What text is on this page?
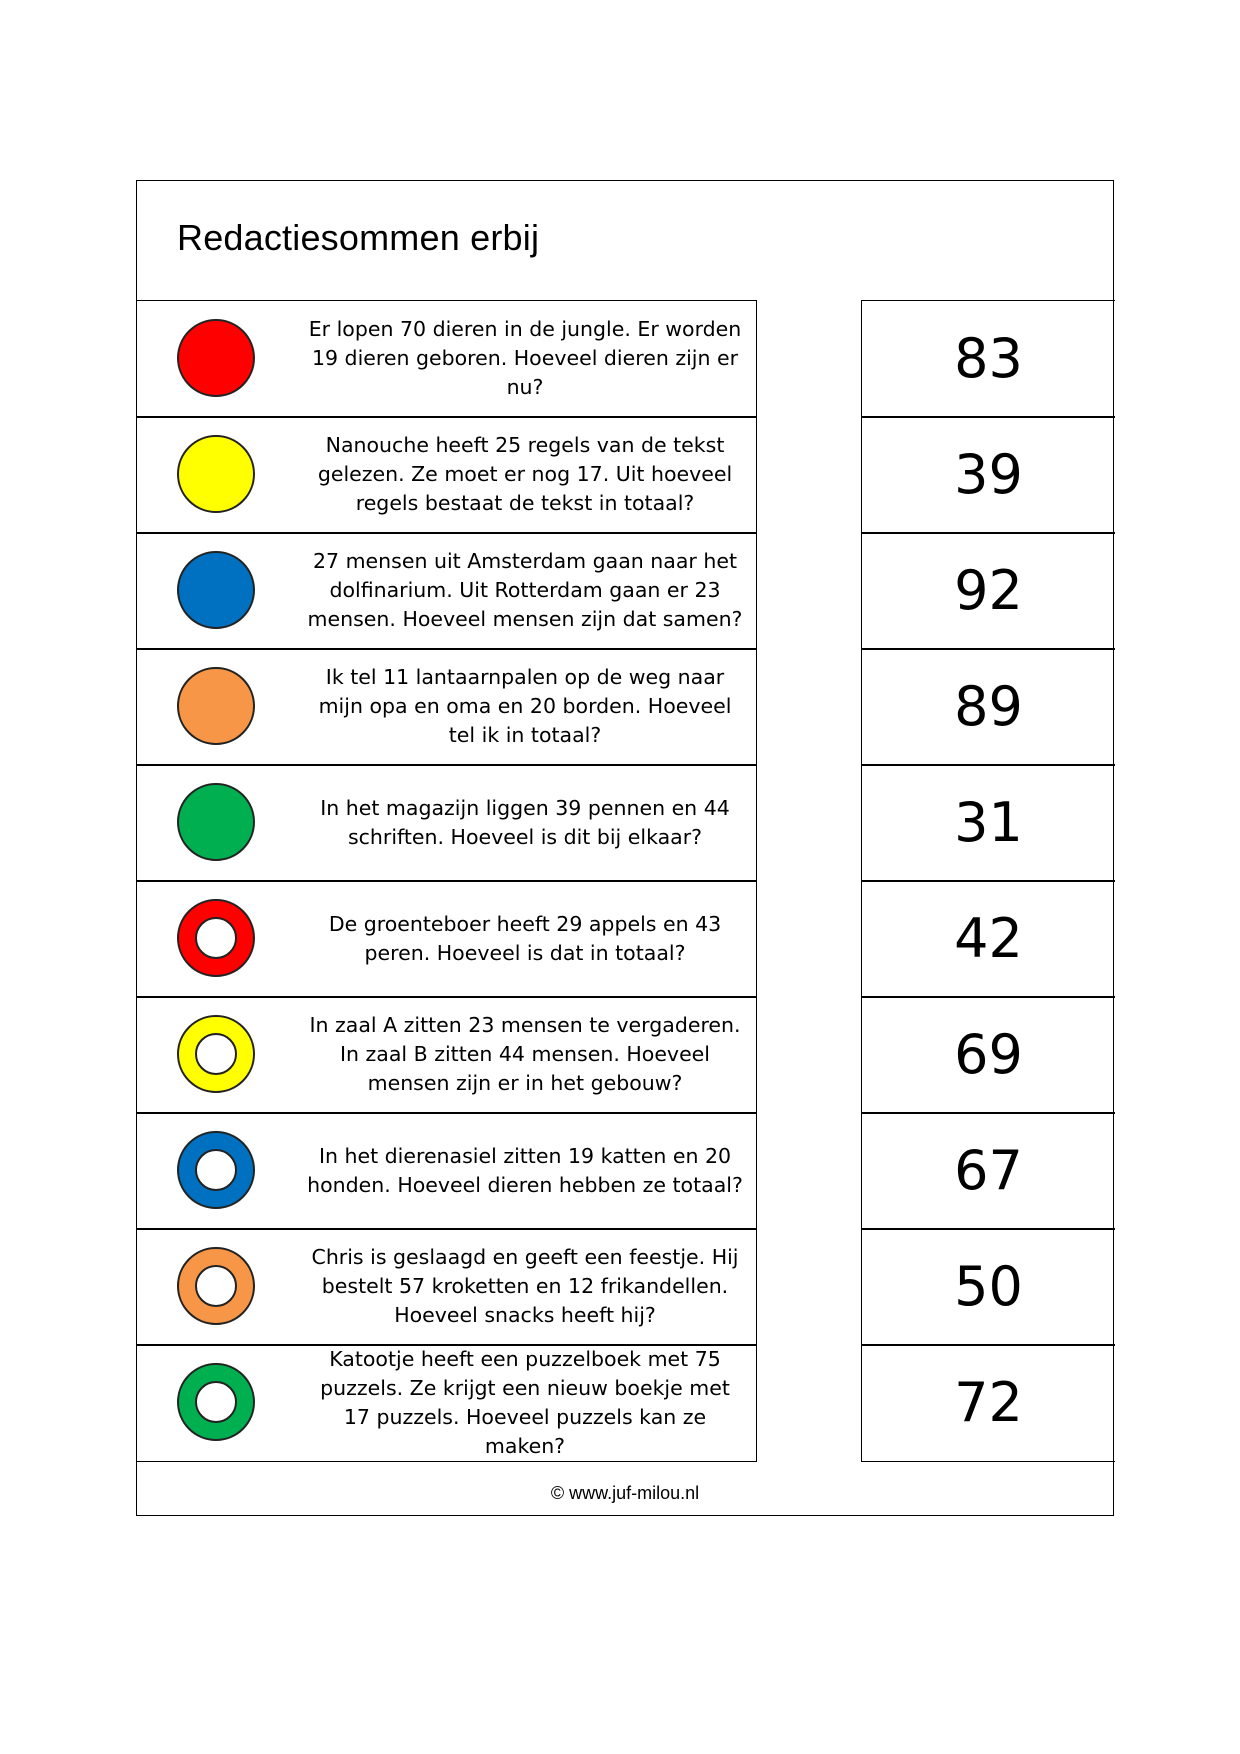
Redactiesommen erbij
Er lopen 70 dieren in de jungle. Er worden 19 dieren geboren. Hoeveel dieren zijn er nu?
Nanouche heeft 25 regels van de tekst gelezen. Ze moet er nog 17. Uit hoeveel regels bestaat de tekst in totaal?
27 mensen uit Amsterdam gaan naar het dolfinarium. Uit Rotterdam gaan er 23 mensen. Hoeveel mensen zijn dat samen?
Ik tel 11 lantaarnpalen op de weg naar mijn opa en oma en 20 borden. Hoeveel tel ik in totaal?
In het magazijn liggen 39 pennen en 44 schriften. Hoeveel is dit bij elkaar?
De groenteboer heeft 29 appels en 43 peren. Hoeveel is dat in totaal?
In zaal A zitten 23 mensen te vergaderen. In zaal B zitten 44 mensen. Hoeveel mensen zijn er in het gebouw?
In het dierenasiel zitten 19 katten en 20 honden. Hoeveel dieren hebben ze totaal?
Chris is geslaagd en geeft een feestje. Hij bestelt 57 kroketten en 12 frikandellen. Hoeveel snacks heeft hij?
Katootje heeft een puzzelboek met 75 puzzels. Ze krijgt een nieuw boekje met 17 puzzels. Hoeveel puzzels kan ze maken?
83
39
92
89
31
42
69
67
50
72
© www.juf-milou.nl
